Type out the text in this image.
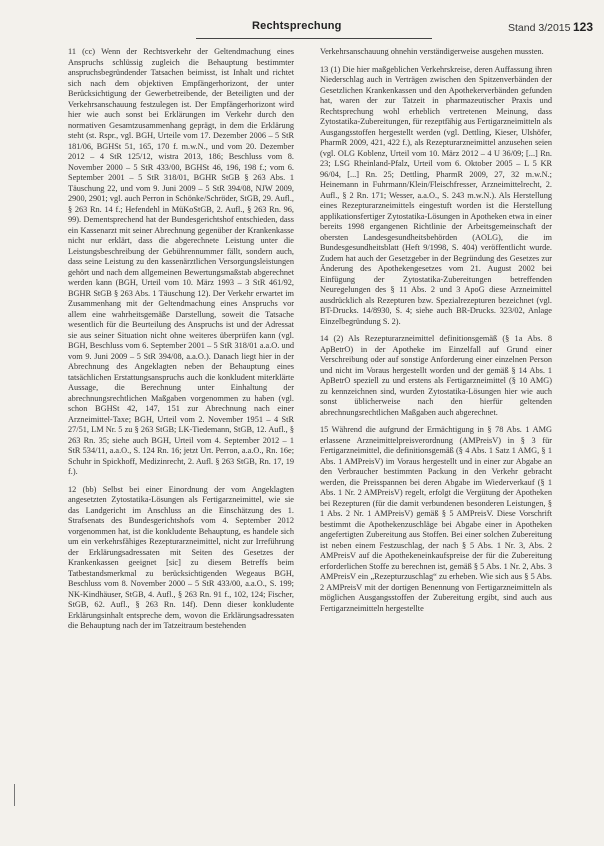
Rechtsprechung	Stand 3/2015 123

11 (cc) Wenn der Rechtsverkehr der Geltendmachung eines Anspruchs schlüssig zugleich die Behauptung bestimmter anspruchsbegründender Tatsachen beimisst, ist Inhalt und richtet sich nach dem objektiven Empfängerhorizont, der unter Berücksichtigung der Gewerbetreibende, der Beteiligten und der Verkehrsanschauung festzulegen ist. Der Empfängerhorizont wird hier wie auch sonst bei Erklärungen im Verkehr durch den normativen Gesamtzusammenhang geprägt, in dem die Erklärung steht (st. Rspr., vgl. BGH, Urteile vom 17. Dezember 2006 – 5 StR 181/06, BGHSt 51, 165, 170 f. m.w.N., und vom 20. Dezember 2012 – 4 StR 125/12, wistra 2013, 186; Beschluss vom 8. November 2000 – 5 StR 433/00, BGHSt 46, 196, 198 f.; vom 6. September 2001 – 5 StR 318/01, BGHR StGB § 263 Abs. 1 Täuschung 22, und vom 9. Juni 2009 – 5 StR 394/08, NJW 2009, 2900, 2901; vgl. auch Perron in Schönke/Schröder, StGB, 29. Aufl., § 263 Rn. 14 f.; Hefendehl in MüKoStGB, 2. Aufl., § 263 Rn. 96, 99). Dementsprechend hat der Bundesgerichtshof entschieden, dass ein Kassenarzt mit seiner Abrechnung gegenüber der Krankenkasse nicht nur erklärt, dass die abgerechnete Leistung unter die Leistungsbeschreibung der Gebührennummer fällt, sondern auch, dass seine Leistung zu den kassenärztlichen Versorgungsleistungen gehört und nach dem allgemeinen Bewertungsmaßstab abgerechnet werden kann (BGH, Urteil vom 10. März 1993 – 3 StR 461/92, BGHR StGB § 263 Abs. 1 Täuschung 12). Der Verkehr erwartet im Zusammenhang mit der Geltendmachung eines Anspruchs vor allem eine wahrheitsgemäße Darstellung, soweit die Tatsache wesentlich für die Beurteilung des Anspruchs ist und der Adressat sie aus seiner Situation nicht ohne weiteres überprüfen kann (vgl. BGH, Beschluss vom 6. September 2001 – 5 StR 318/01 a.a.O. und vom 9. Juni 2009 – 5 StR 394/08, a.a.O.). Danach liegt hier in der Abrechnung des Angeklagten neben der Behauptung eines tatsächlichen Erstattungsanspruchs auch die konkludent miterklärte Aussage, die Berechnung unter Einhaltung der abrechnungsrechtlichen Maßgaben vorgenommen zu haben (vgl. schon BGHSt 42, 147, 151 zur Abrechnung nach einer Arzneimittel-Taxe; BGH, Urteil vom 2. November 1951 – 4 StR 27/51, LM Nr. 5 zu § 263 StGB; LK-Tiedemann, StGB, 12. Aufl., § 263 Rn. 35; siehe auch BGH, Urteil vom 4. September 2012 – 1 StR 534/11, a.a.O., S. 124 Rn. 16; jetzt Urt. Perron, a.a.O., Rn. 16e; Schuhr in Spickhoff, Medizinrecht, 2. Aufl. § 263 StGB, Rn. 17, 19 f.).

12 (bb) Selbst bei einer Einordnung der vom Angeklagten angesetzten Zytostatika-Lösungen als Fertigarzneimittel, wie sie das Landgericht im Anschluss an die Einschätzung des 1. Strafsenats des Bundesgerichtshofs vom 4. September 2012 vorgenommen hat, ist die konkludente Behauptung, es handele sich um ein verkehrsfähiges Rezepturarzneimittel, nicht zur Irreführung der Erklärungsadressaten mit Seiten des Gesetzes der Krankenkassen geeignet [sic] zu diesem Betreffs beim Tatbestandsmerkmal zu berücksichtigenden Wegeaus BGH, Beschluss vom 8. November 2000 – 5 StR 433/00, a.a.O., S. 199; NK-Kindhäuser, StGB, 4. Aufl., § 263 Rn. 91 f., 102, 124; Fischer, StGB, 62. Aufl., § 263 Rn. 14f). Denn dieser konkludente Erklärungsinhalt entspreche dem, wovon die Erklärungsadressaten die Behauptung nach der im Tatzeitraum bestehenden

Verkehrsanschauung ohnehin verständigerweise ausgehen mussten.

13 (1) Die hier maßgeblichen Verkehrskreise, deren Auffassung ihren Niederschlag auch in Verträgen zwischen den Spitzenverbänden der Gesetzlichen Krankenkassen und den Apothekerverbänden gefunden hat, waren der zur Tatzeit in pharmazeutischer Praxis und Rechtsprechung wohl erheblich vertretenen Meinung, dass Zytostatika-Zubereitungen, für rezeptfähig aus Fertigarzneimitteln als Ausgangsstoffen hergestellt werden (vgl. Dettling, Kieser, Ulshöfer, PharmR 2009, 421, 422 f.), als Rezepturarzneimittel anzusehen seien (vgl. OLG Koblenz, Urteil vom 10. März 2012 – 4 U 36/09; [...] Rn. 23; LSG Rheinland-Pfalz, Urteil vom 6. Oktober 2005 – L 5 KR 96/04, [...] Rn. 25; Dettling, PharmR 2009, 27, 32 m.w.N.; Heinemann in Fuhrmann/Klein/Fleischfresser, Arzneimittelrecht, 2. Aufl., § 2 Rn. 171; Wesser, a.a.O., S. 243 m.w.N.). Als Herstellung eines Rezepturarzneimittels eingestuft worden ist die Herstellung applikationsfertiger Zytostatika-Lösungen in Apotheken etwa in einer bereits 1998 ergangenen Richtlinie der Arbeitsgemeinschaft der obersten Landesgesundheitsbehörden (AOLG), die im Bundesgesundheitsblatt (Heft 9/1998, S. 404) veröffentlicht wurde. Zudem hat auch der Gesetzgeber in der Begründung des Gesetzes zur Änderung des Apothekengesetzes vom 21. August 2002 bei Einfügung der Zytostatika-Zubereitungen betreffenden Neuregelungen des § 11 Abs. 2 und 3 ApoG diese Arzneimittel ausdrücklich als Rezepturen bzw. Spezialrezepturen bezeichnet (vgl. BT-Drucks. 14/8930, S. 4; siehe auch BR-Drucks. 323/02, Anlage Einzelbegründung S. 2).

14 (2) Als Rezepturarzneimittel definitionsgemäß (§ 1a Abs. 8 ApBetrO) in der Apotheke im Einzelfall auf Grund einer Verschreibung oder auf sonstige Anforderung einer einzelnen Person und nicht im Voraus hergestellt worden und der gemäß § 14 Abs. 1 ApBetrO speziell zu und erstens als Fertigarzneimittel (§ 10 AMG) zu kennzeichnen sind, wurden Zytostatika-Lösungen hier wie auch sonst üblicherweise nach den hierfür geltenden abrechnungsrechtlichen Maßgaben auch abgerechnet.

15 Während die aufgrund der Ermächtigung in § 78 Abs. 1 AMG erlassene Arzneimittelpreisverordnung (AMPreisV) in § 3 für Fertigarzneimittel, die definitionsgemäß (§ 4 Abs. 1 Satz 1 AMG, § 1 Abs. 1 AMPreisV) im Voraus hergestellt und in einer zur Abgabe an den Verbraucher bestimmten Packung in den Verkehr gebracht werden, die Preisspannen bei deren Abgabe im Wiederverkauf (§ 1 Abs. 1 Nr. 2 AMPreisV) regelt, erfolgt die Vergütung der Apotheken bei Rezepturen (für die damit verbundenen besonderen Leistungen, § 1 Abs. 2 Nr. 1 AMPreisV) gemäß § 5 AMPreisV. Diese Vorschrift bestimmt die Apothekenzuschläge bei Abgabe einer in Apotheken angefertigten Zubereitung aus Stoffen. Bei einer solchen Zubereitung ist neben einem Festzuschlag, der nach § 5 Abs. 1 Nr. 3, Abs. 2 AMPreisV auf die Apothekeneinkaufspreise der für die Zubereitung erforderlichen Stoffe zu berechnen ist, gemäß § 5 Abs. 1 Nr. 2, Abs. 3 AMPreisV ein „Rezepturzuschlag“ zu erheben. Wie sich aus § 5 Abs. 2 AMPreisV mit der dortigen Benennung von Fertigarzneimitteln als möglichen Ausgangsstoffen der Zubereitung ergibt, sind auch aus Fertigarzneimitteln hergestellte
